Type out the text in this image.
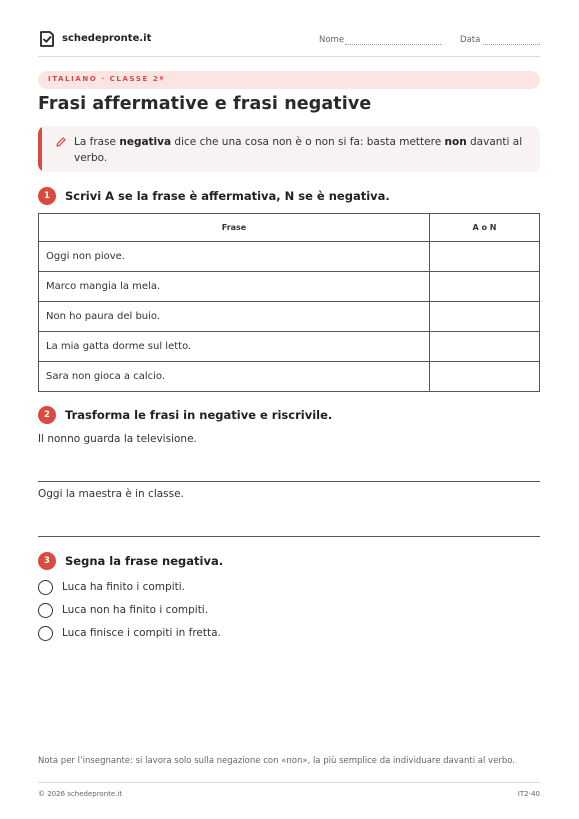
schedepronte.it	Nome	Data
ITALIANO · CLASSE 2ª
Frasi affermative e frasi negative
La frase negativa dice che una cosa non è o non si fa: basta mettere non davanti al verbo.
1	Scrivi A se la frase è affermativa, N se è negativa.
Frase	A o N
Oggi non piove.	
Marco mangia la mela.	
Non ho paura del buio.	
La mia gatta dorme sul letto.	
Sara non gioca a calcio.	
2	Trasforma le frasi in negative e riscrivile.
Il nonno guarda la televisione.
Oggi la maestra è in classe.
3	Segna la frase negativa.
Luca ha finito i compiti.
Luca non ha finito i compiti.
Luca finisce i compiti in fretta.
Nota per l’insegnante: si lavora solo sulla negazione con «non», la più semplice da individuare davanti al verbo.
© 2026 schedepronte.it	IT2-40
